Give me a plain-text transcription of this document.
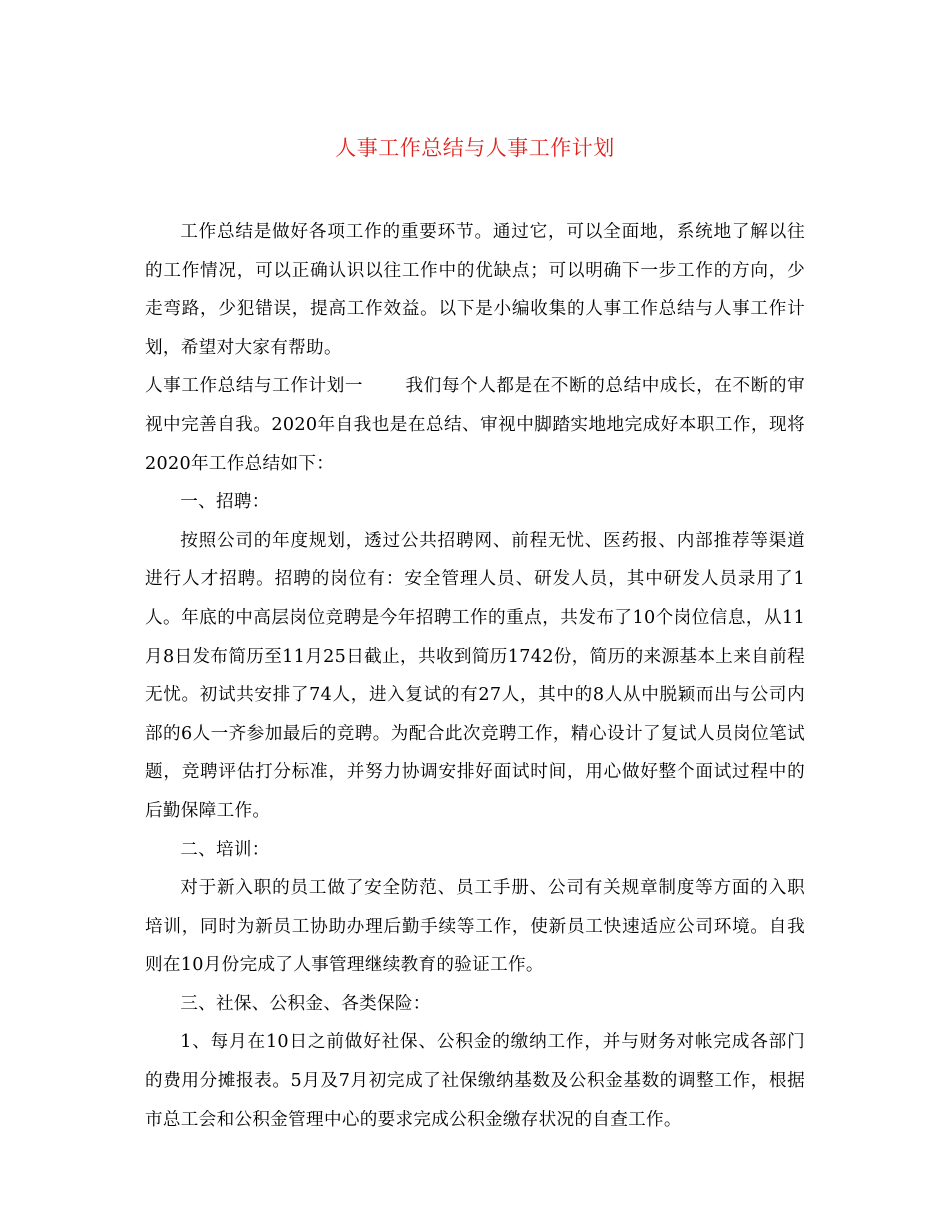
人事工作总结与人事工作计划

工作总结是做好各项工作的重要环节。通过它，可以全面地，系统地了解以往的工作情况，可以正确认识以往工作中的优缺点；可以明确下一步工作的方向，少走弯路，少犯错误，提高工作效益。以下是小编收集的人事工作总结与人事工作计划，希望对大家有帮助。

人事工作总结与工作计划一 我们每个人都是在不断的总结中成长，在不断的审视中完善自我。2020年自我也是在总结、审视中脚踏实地地完成好本职工作，现将2020年工作总结如下：

一、招聘：

按照公司的年度规划，透过公共招聘网、前程无忧、医药报、内部推荐等渠道进行人才招聘。招聘的岗位有：安全管理人员、研发人员，其中研发人员录用了1人。年底的中高层岗位竞聘是今年招聘工作的重点，共发布了10个岗位信息，从11月8日发布简历至11月25日截止，共收到简历1742份，简历的来源基本上来自前程无忧。初试共安排了74人，进入复试的有27人，其中的8人从中脱颖而出与公司内部的6人一齐参加最后的竞聘。为配合此次竞聘工作，精心设计了复试人员岗位笔试题，竞聘评估打分标准，并努力协调安排好面试时间，用心做好整个面试过程中的后勤保障工作。

二、培训：

对于新入职的员工做了安全防范、员工手册、公司有关规章制度等方面的入职培训，同时为新员工协助办理后勤手续等工作，使新员工快速适应公司环境。自我则在10月份完成了人事管理继续教育的验证工作。

三、社保、公积金、各类保险：

1、每月在10日之前做好社保、公积金的缴纳工作，并与财务对帐完成各部门的费用分摊报表。5月及7月初完成了社保缴纳基数及公积金基数的调整工作，根据市总工会和公积金管理中心的要求完成公积金缴存状况的自查工作。
